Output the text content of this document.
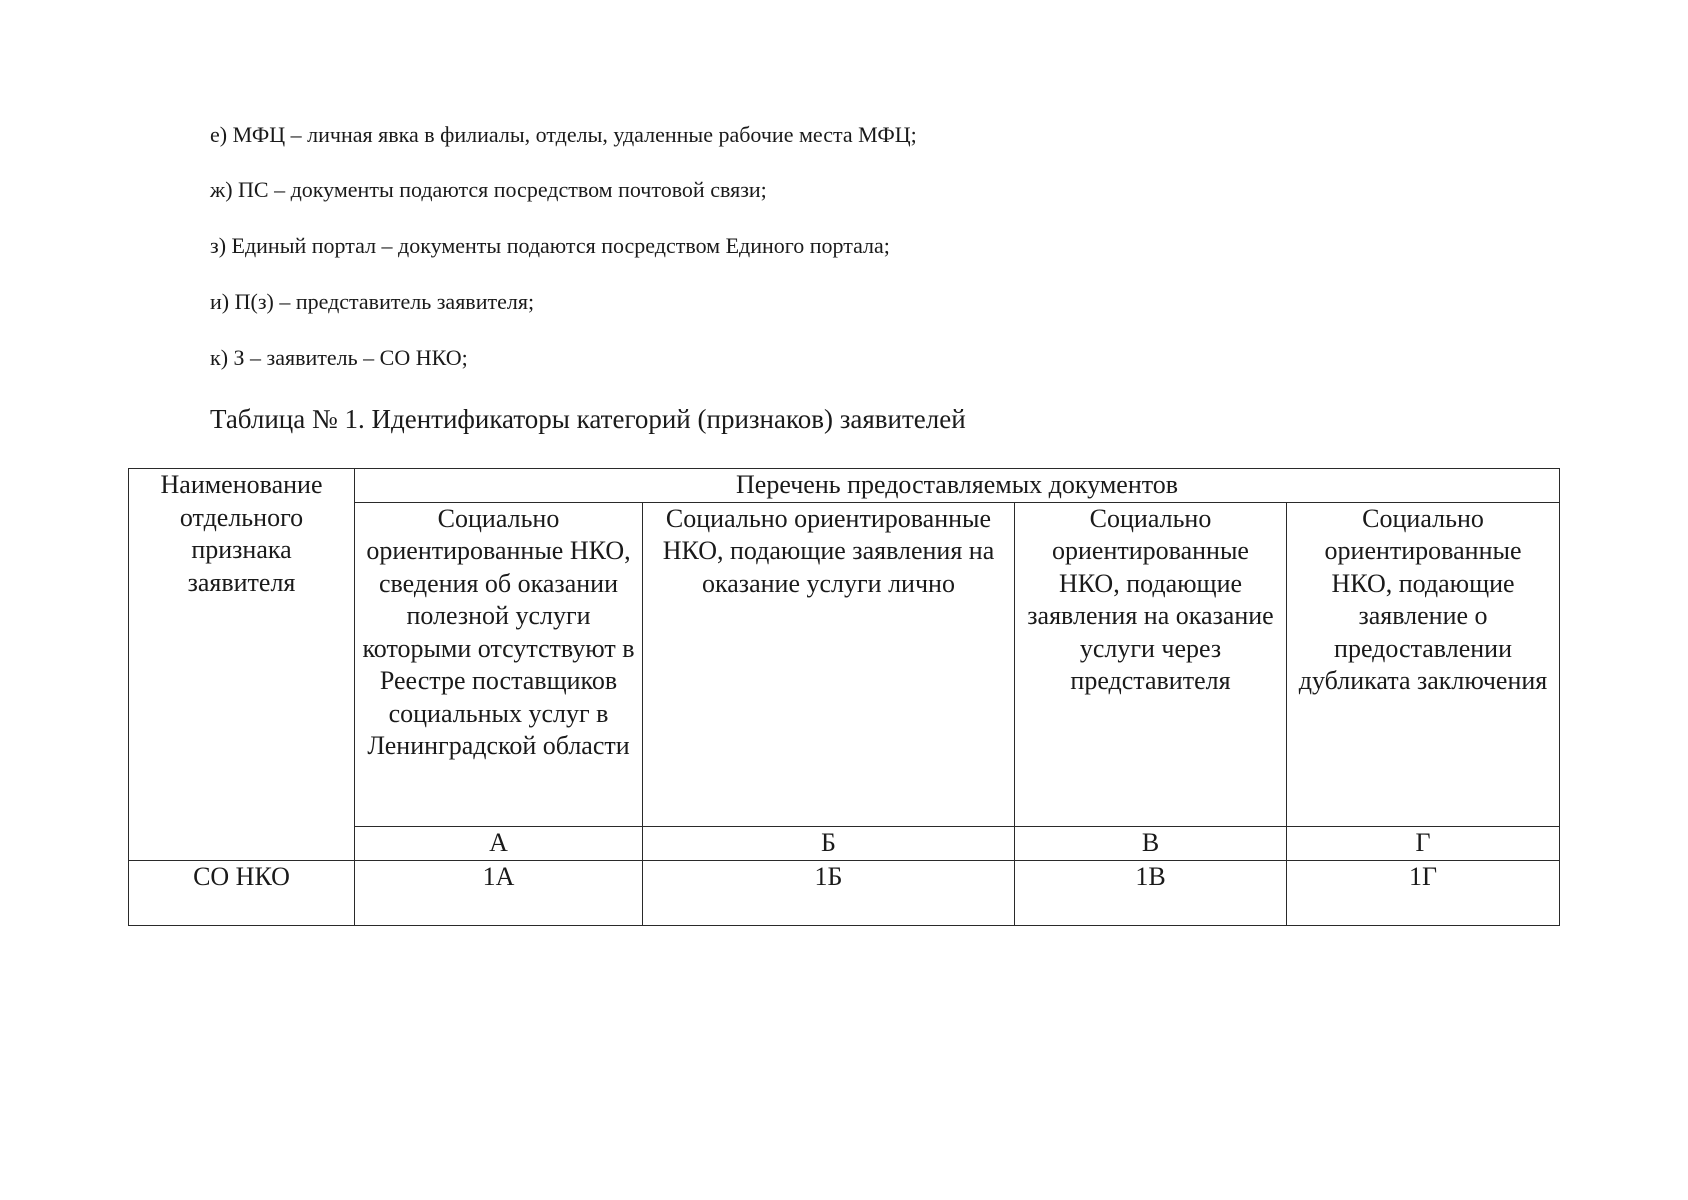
е) МФЦ – личная явка в филиалы, отделы, удаленные рабочие места МФЦ;
ж) ПС – документы подаются посредством почтовой связи;
з) Единый портал – документы подаются посредством Единого портала;
и) П(з) – представитель заявителя;
к) З – заявитель – СО НКО;
Таблица № 1. Идентификаторы категорий (признаков) заявителей
Наименование отдельного признака заявителя	Перечень предоставляемых документов			
	Социально ориентированные НКО, сведения об оказании полезной услуги которыми отсутствуют в Реестре поставщиков социальных услуг в Ленинградской области	Социально ориентированные НКО, подающие заявления на оказание услуги лично	Социально ориентированные НКО, подающие заявления на оказание услуги через представителя	Социально ориентированные НКО, подающие заявление о предоставлении дубликата заключения
	А	Б	В	Г
СО НКО	1А	1Б	1В	1Г
